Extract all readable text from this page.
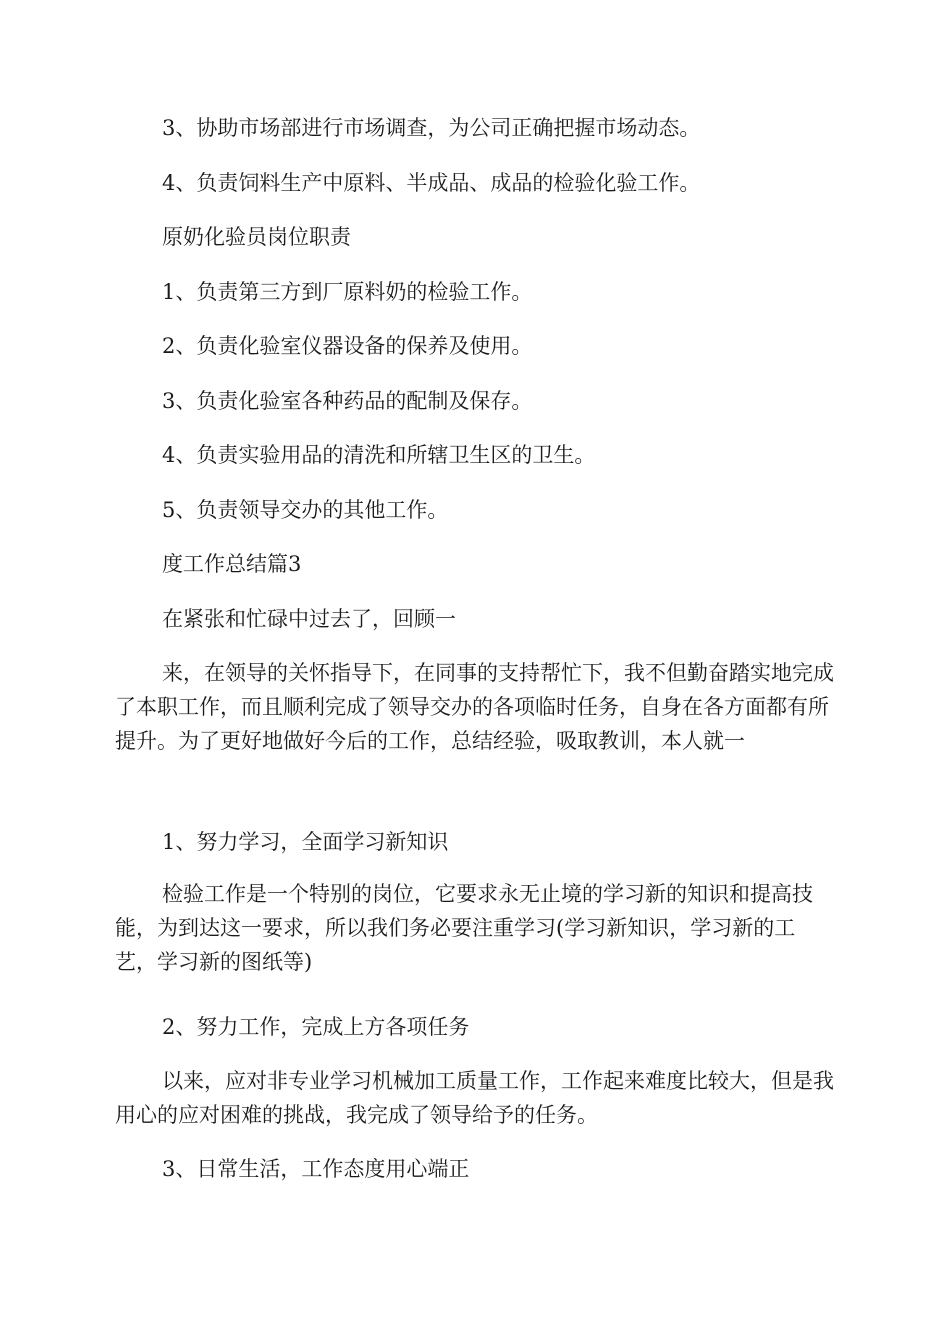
3、协助市场部进行市场调查，为公司正确把握市场动态。

4、负责饲料生产中原料、半成品、成品的检验化验工作。

原奶化验员岗位职责

1、负责第三方到厂原料奶的检验工作。

2、负责化验室仪器设备的保养及使用。

3、负责化验室各种药品的配制及保存。

4、负责实验用品的清洗和所辖卫生区的卫生。

5、负责领导交办的其他工作。

度工作总结篇3

在紧张和忙碌中过去了，回顾一

来，在领导的关怀指导下，在同事的支持帮忙下，我不但勤奋踏实地完成了本职工作，而且顺利完成了领导交办的各项临时任务，自身在各方面都有所提升。为了更好地做好今后的工作，总结经验，吸取教训，本人就一

1、努力学习，全面学习新知识

检验工作是一个特别的岗位，它要求永无止境的学习新的知识和提高技能，为到达这一要求，所以我们务必要注重学习(学习新知识，学习新的工艺，学习新的图纸等)

2、努力工作，完成上方各项任务

以来，应对非专业学习机械加工质量工作，工作起来难度比较大，但是我用心的应对困难的挑战，我完成了领导给予的任务。

3、日常生活，工作态度用心端正
